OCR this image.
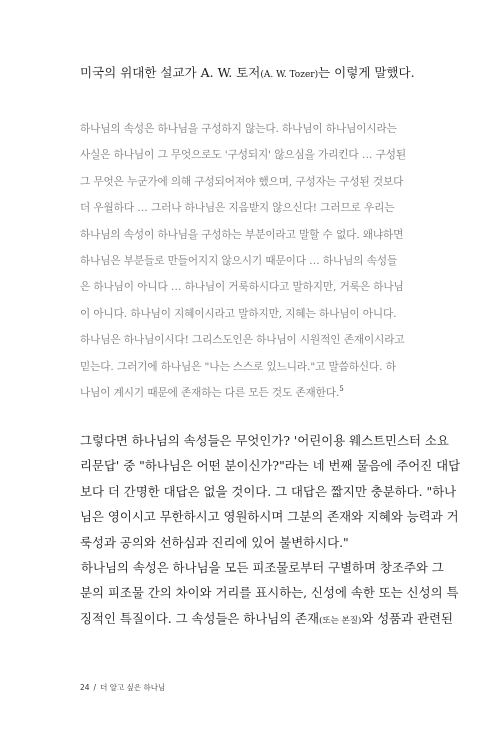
미국의 위대한 설교가 A. W. 토저(A. W. Tozer)는 이렇게 말했다.
하나님의 속성은 하나님을 구성하지 않는다. 하나님이 하나님이시라는
사실은 하나님이 그 무엇으로도 '구성되지' 않으심을 가리킨다 … 구성된
그 무엇은 누군가에 의해 구성되어져야 했으며, 구성자는 구성된 것보다
더 우월하다 … 그러나 하나님은 지음받지 않으신다! 그러므로 우리는
하나님의 속성이 하나님을 구성하는 부분이라고 말할 수 없다. 왜냐하면
하나님은 부분들로 만들어지지 않으시기 때문이다 … 하나님의 속성들
은 하나님이 아니다 … 하나님이 거룩하시다고 말하지만, 거룩은 하나님
이 아니다. 하나님이 지혜이시라고 말하지만, 지혜는 하나님이 아니다.
하나님은 하나님이시다! 그리스도인은 하나님이 시원적인 존재이시라고
믿는다. 그러기에 하나님은 "나는 스스로 있느니라."고 말씀하신다. 하
나님이 계시기 때문에 존재하는 다른 모든 것도 존재한다.$^5$
그렇다면 하나님의 속성들은 무엇인가? '어린이용 웨스트민스터 소요
리문답' 중 "하나님은 어떤 분이신가?"라는 네 번째 물음에 주어진 대답
보다 더 간명한 대답은 없을 것이다. 그 대답은 짧지만 충분하다. "하나
님은 영이시고 무한하시고 영원하시며 그분의 존재와 지혜와 능력과 거
룩성과 공의와 선하심과 진리에 있어 불변하시다."
하나님의 속성은 하나님을 모든 피조물로부터 구별하며 창조주와 그
분의 피조물 간의 차이와 거리를 표시하는, 신성에 속한 또는 신성의 특
징적인 특질이다. 그 속성들은 하나님의 존재(또는 본질)와 성품과 관련된
24 / 더 알고 싶은 하나님
